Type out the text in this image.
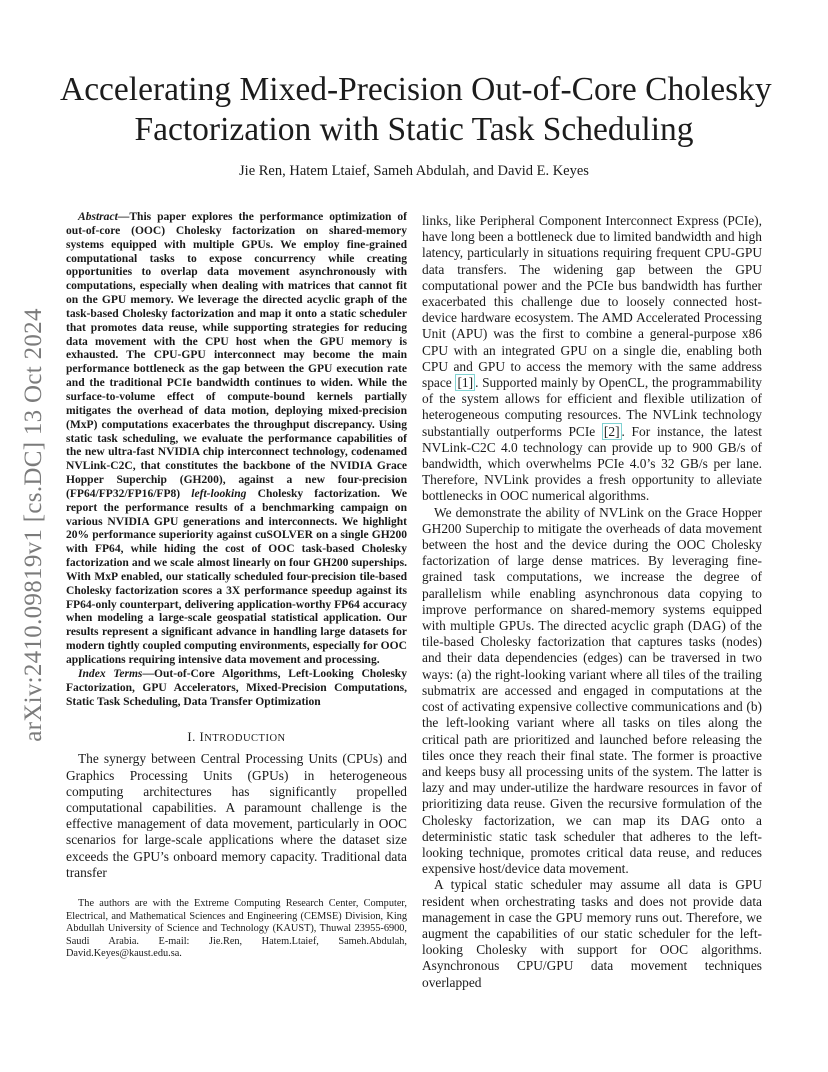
arXiv:2410.09819v1 [cs.DC] 13 Oct 2024
Accelerating Mixed-Precision Out-of-Core Cholesky
Factorization with Static Task Scheduling
Jie Ren, Hatem Ltaief, Sameh Abdulah, and David E. Keyes

Abstract—This paper explores the performance optimization of out-of-core (OOC) Cholesky factorization on shared-memory systems equipped with multiple GPUs. We employ fine-grained computational tasks to expose concurrency while creating opportunities to overlap data movement asynchronously with computations, especially when dealing with matrices that cannot fit on the GPU memory. We leverage the directed acyclic graph of the task-based Cholesky factorization and map it onto a static scheduler that promotes data reuse, while supporting strategies for reducing data movement with the CPU host when the GPU memory is exhausted. The CPU-GPU interconnect may become the main performance bottleneck as the gap between the GPU execution rate and the traditional PCIe bandwidth continues to widen. While the surface-to-volume effect of compute-bound kernels partially mitigates the overhead of data motion, deploying mixed-precision (MxP) computations exacerbates the throughput discrepancy. Using static task scheduling, we evaluate the performance capabilities of the new ultra-fast NVIDIA chip interconnect technology, codenamed NVLink-C2C, that constitutes the backbone of the NVIDIA Grace Hopper Superchip (GH200), against a new four-precision (FP64/FP32/FP16/FP8) left-looking Cholesky factorization. We report the performance results of a benchmarking campaign on various NVIDIA GPU generations and interconnects. We highlight 20% performance superiority against cuSOLVER on a single GH200 with FP64, while hiding the cost of OOC task-based Cholesky factorization and we scale almost linearly on four GH200 superships. With MxP enabled, our statically scheduled four-precision tile-based Cholesky factorization scores a 3X performance speedup against its FP64-only counterpart, delivering application-worthy FP64 accuracy when modeling a large-scale geospatial statistical application. Our results represent a significant advance in handling large datasets for modern tightly coupled computing environments, especially for OOC applications requiring intensive data movement and processing.

Index Terms—Out-of-Core Algorithms, Left-Looking Cholesky Factorization, GPU Accelerators, Mixed-Precision Computations, Static Task Scheduling, Data Transfer Optimization

I. INTRODUCTION

The synergy between Central Processing Units (CPUs) and Graphics Processing Units (GPUs) in heterogeneous computing architectures has significantly propelled computational capabilities. A paramount challenge is the effective management of data movement, particularly in OOC scenarios for large-scale applications where the dataset size exceeds the GPU’s onboard memory capacity. Traditional data transfer

links, like Peripheral Component Interconnect Express (PCIe), have long been a bottleneck due to limited bandwidth and high latency, particularly in situations requiring frequent CPU-GPU data transfers. The widening gap between the GPU computational power and the PCIe bus bandwidth has further exacerbated this challenge due to loosely connected host-device hardware ecosystem. The AMD Accelerated Processing Unit (APU) was the first to combine a general-purpose x86 CPU with an integrated GPU on a single die, enabling both CPU and GPU to access the memory with the same address space [1] . Supported mainly by OpenCL, the programmability of the system allows for efficient and flexible utilization of heterogeneous computing resources. The NVLink technology substantially outperforms PCIe [2] . For instance, the latest NVLink-C2C 4.0 technology can provide up to 900 GB/s of bandwidth, which overwhelms PCIe 4.0’s 32 GB/s per lane. Therefore, NVLink provides a fresh opportunity to alleviate bottlenecks in OOC numerical algorithms.

We demonstrate the ability of NVLink on the Grace Hopper GH200 Superchip to mitigate the overheads of data movement between the host and the device during the OOC Cholesky factorization of large dense matrices. By leveraging fine-grained task computations, we increase the degree of parallelism while enabling asynchronous data copying to improve performance on shared-memory systems equipped with multiple GPUs. The directed acyclic graph (DAG) of the tile-based Cholesky factorization that captures tasks (nodes) and their data dependencies (edges) can be traversed in two ways: (a) the right-looking variant where all tiles of the trailing submatrix are accessed and engaged in computations at the cost of activating expensive collective communications and (b) the left-looking variant where all tasks on tiles along the critical path are prioritized and launched before releasing the tiles once they reach their final state. The former is proactive and keeps busy all processing units of the system. The latter is lazy and may under-utilize the hardware resources in favor of prioritizing data reuse. Given the recursive formulation of the Cholesky factorization, we can map its DAG onto a deterministic static task scheduler that adheres to the left-looking technique, promotes critical data reuse, and reduces expensive host/device data movement.

A typical static scheduler may assume all data is GPU resident when orchestrating tasks and does not provide data management in case the GPU memory runs out. Therefore, we augment the capabilities of our static scheduler for the left-looking Cholesky with support for OOC algorithms. Asynchronous CPU/GPU data movement techniques overlapped

The authors are with the Extreme Computing Research Center, Computer, Electrical, and Mathematical Sciences and Engineering (CEMSE) Division, King Abdullah University of Science and Technology (KAUST), Thuwal 23955-6900, Saudi Arabia. E-mail: Jie.Ren, Hatem.Ltaief, Sameh.Abdulah, David.Keyes@kaust.edu.sa.
